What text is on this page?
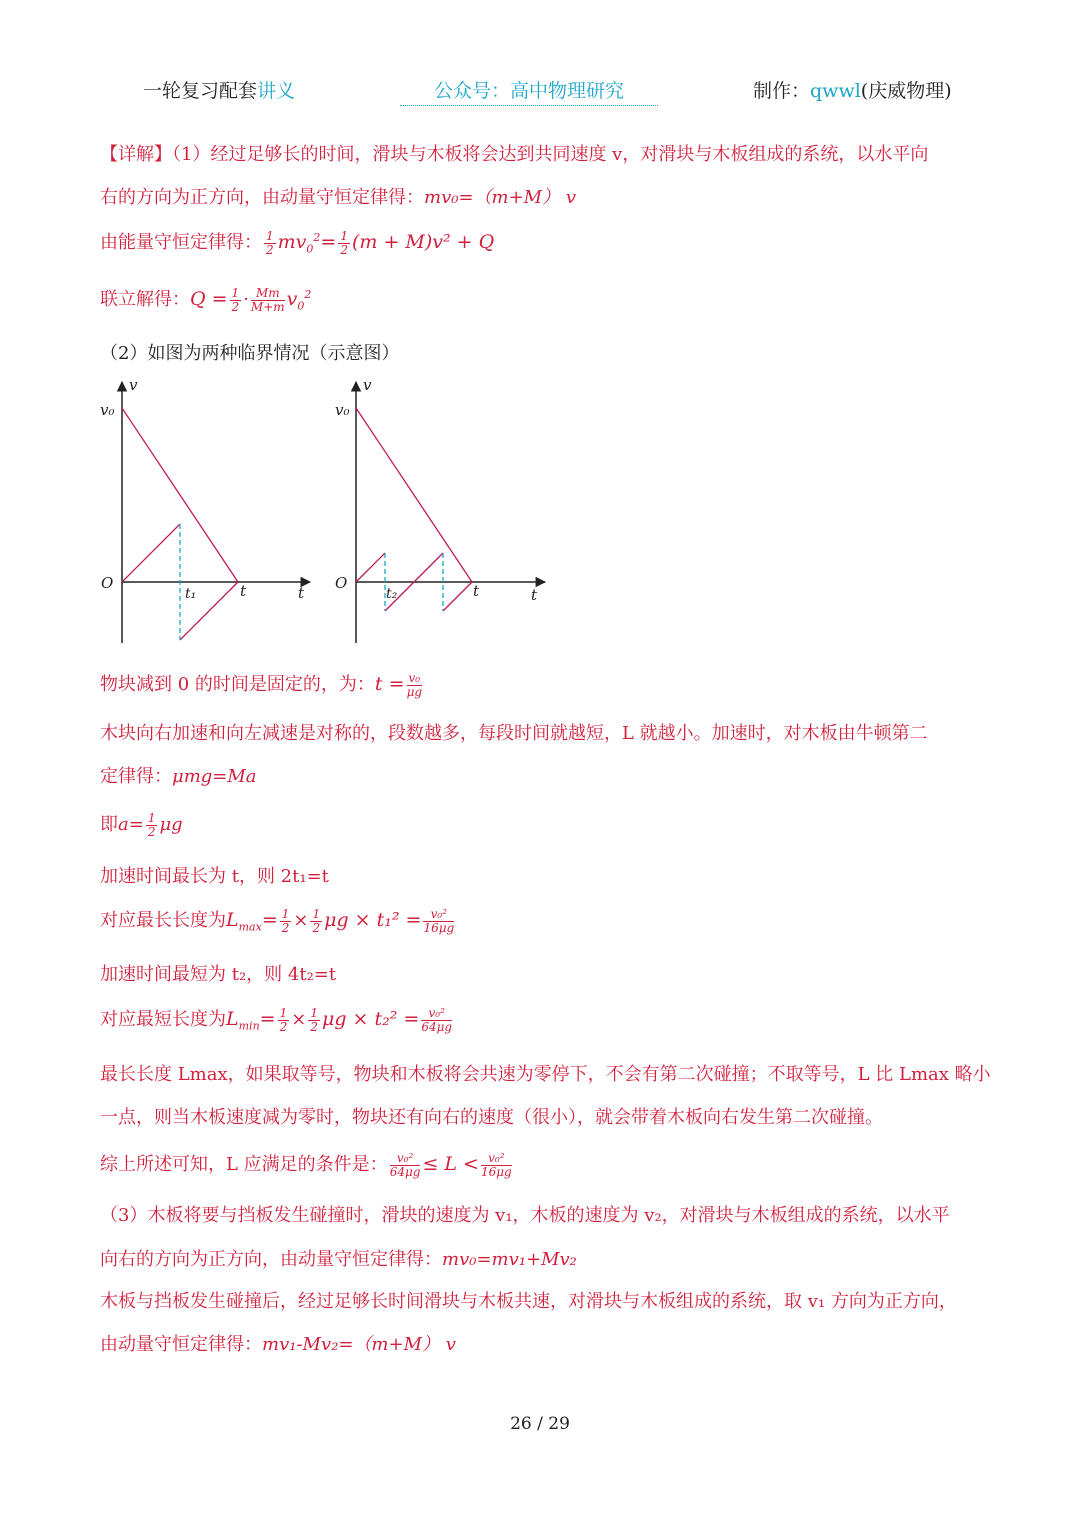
一轮复习配套讲义	公众号：高中物理研究	制作：qwwl(庆威物理)
【详解】（1）经过足够长的时间，滑块与木板将会达到共同速度 v，对滑块与木板组成的系统，以水平向
右的方向为正方向，由动量守恒定律得：mv₀=（m+M） v
由能量守恒定律得： $\frac{1}{2} mv_0^2= \frac{1}{2} (m + M)v^2 + Q$
联立解得：$Q = \frac{1}{2} \cdot \frac{Mm}{M+m} v_0^2$
（2）如图为两种临界情况（示意图）
v
v₀
O
t₁	t	t
v
v₀
O
t₂	t	t
物块减到 0 的时间是固定的，为：$t = \frac{\text{v₀}}{\mu g}$
木块向右加速和向左减速是对称的，段数越多，每段时间就越短，L 就越小。加速时，对木板由牛顿第二
定律得：μmg=Ma
即$a= \frac{1}{2}$ μg
加速时间最长为 t，则 2t₁=t
对应最长长度为$L_{max}= \frac{1}{2} \times \frac{1}{2}$ $\mu g \times t_1^2 = \frac{\text{v₀²}}{16\mu g}$
加速时间最短为 t₂，则 4t₂=t
对应最短长度为$L_{min}= \frac{1}{2} \times \frac{1}{2}$ $\mu g \times t_2^2 = \frac{\text{v₀²}}{64\mu g}$
最长长度 Lmax，如果取等号，物块和木板将会共速为零停下，不会有第二次碰撞；不取等号，L 比 Lmax 略小
一点，则当木板速度减为零时，物块还有向右的速度（很小），就会带着木板向右发生第二次碰撞。
综上所述可知，L 应满足的条件是： $\frac{\text{v₀²}}{64\mu g} \le L < \frac{\text{v₀²}}{16\mu g}$
（3）木板将要与挡板发生碰撞时，滑块的速度为 v₁，木板的速度为 v₂，对滑块与木板组成的系统，以水平
向右的方向为正方向，由动量守恒定律得：mv₀=mv₁+Mv₂
木板与挡板发生碰撞后，经过足够长时间滑块与木板共速，对滑块与木板组成的系统，取 v₁ 方向为正方向，
由动量守恒定律得：mv₁-Mv₂=（m+M） v
26 / 29
